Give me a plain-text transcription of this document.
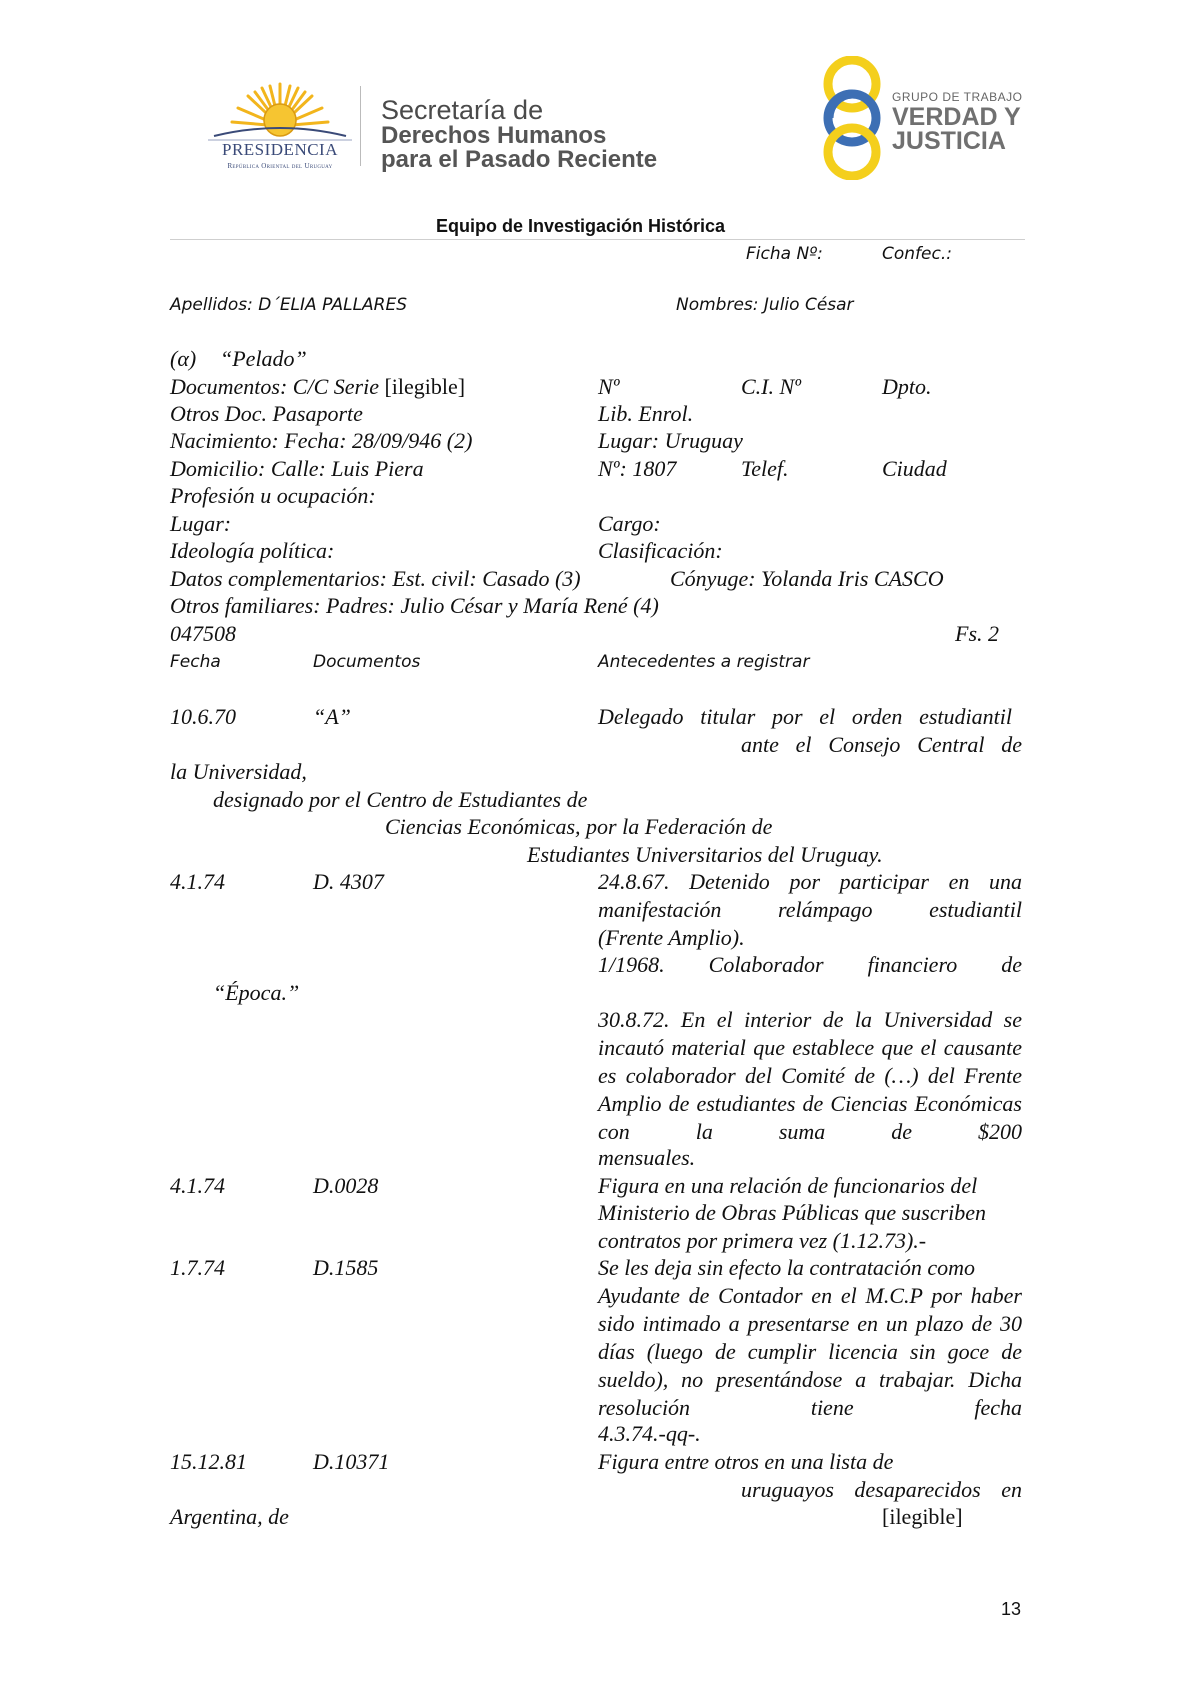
PRESIDENCIA
República Oriental del Uruguay
Secretaría de
Derechos Humanos
para el Pasado Reciente
GRUPO DE TRABAJO
VERDAD Y
JUSTICIA
Equipo de Investigación Histórica
Ficha Nº:	Confec.:
Apellidos: D´ELIA PALLARES	Nombres: Julio César
(α) “Pelado”
Documentos: C/C Serie [ilegible]	Nº	C.I. Nº	Dpto.
Otros Doc. Pasaporte	Lib. Enrol.
Nacimiento: Fecha: 28/09/946 (2)	Lugar: Uruguay
Domicilio: Calle: Luis Piera	Nº: 1807	Telef.	Ciudad
Profesión u ocupación:
Lugar:	Cargo:
Ideología política:	Clasificación:
Datos complementarios: Est. civil: Casado (3)	Cónyuge: Yolanda Iris CASCO
Otros familiares: Padres: Julio César y María René (4)
047508	Fs. 2
Fecha	Documentos	Antecedentes a registrar
10.6.70	“A”	Delegado titular por el orden estudiantil
ante el Consejo Central de
la Universidad,
designado por el Centro de Estudiantes de
Ciencias Económicas, por la Federación de
Estudiantes Universitarios del Uruguay.
4.1.74	D. 4307	24.8.67. Detenido por participar en una manifestación relámpago estudiantil
(Frente Amplio).
1/1968. Colaborador financiero de
“Época.”
30.8.72. En el interior de la Universidad se incautó material que establece que el causante es colaborador del Comité de (…) del Frente Amplio de estudiantes de Ciencias Económicas con la suma de $200
mensuales.
4.1.74	D.0028	Figura en una relación de funcionarios del
Ministerio de Obras Públicas que suscriben
contratos por primera vez (1.12.73).-
1.7.74	D.1585	Se les deja sin efecto la contratación como
Ayudante de Contador en el M.C.P por haber sido intimado a presentarse en un plazo de 30 días (luego de cumplir licencia sin goce de sueldo), no presentándose a trabajar. Dicha resolución tiene fecha
4.3.74.-qq-.
15.12.81	D.10371	Figura entre otros en una lista de
uruguayos desaparecidos en
Argentina, de	[ilegible]
13
